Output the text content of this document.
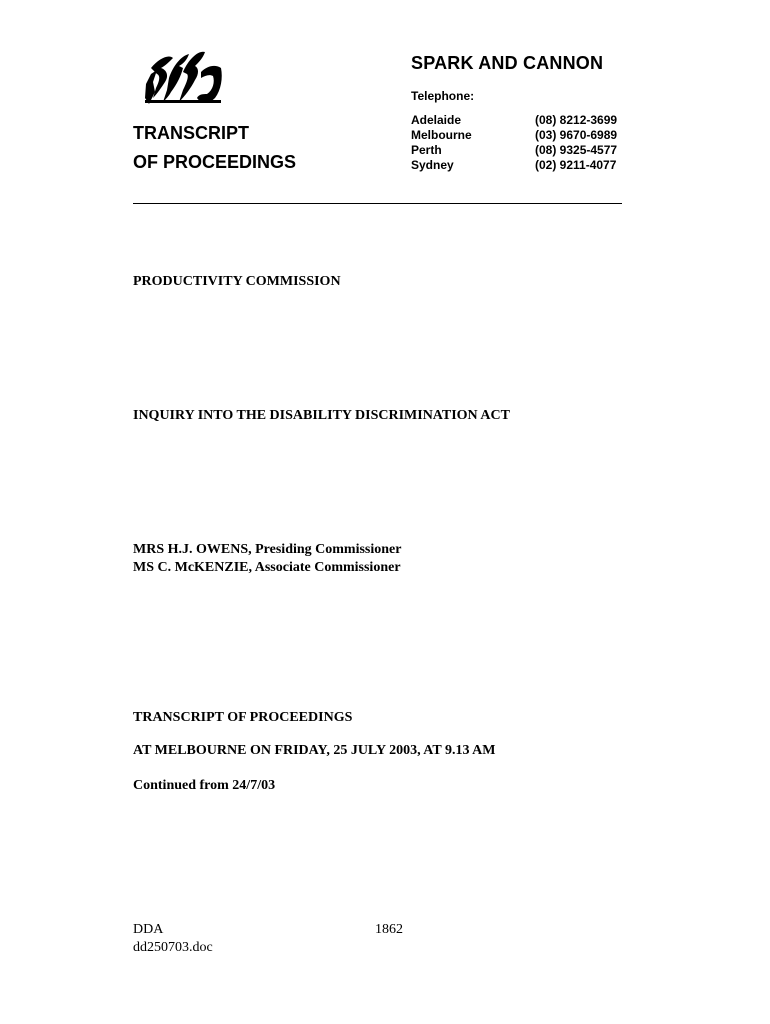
SPARK AND CANNON
Telephone:
Adelaide	(08) 8212-3699
Melbourne	(03) 9670-6989
Perth	(08) 9325-4577
Sydney	(02) 9211-4077
TRANSCRIPT
OF PROCEEDINGS
PRODUCTIVITY COMMISSION
INQUIRY INTO THE DISABILITY DISCRIMINATION ACT
MRS H.J. OWENS, Presiding Commissioner
MS C. McKENZIE, Associate Commissioner
TRANSCRIPT OF PROCEEDINGS
AT MELBOURNE ON FRIDAY, 25 JULY 2003, AT 9.13 AM
Continued from 24/7/03
DDA
dd250703.doc
1862
